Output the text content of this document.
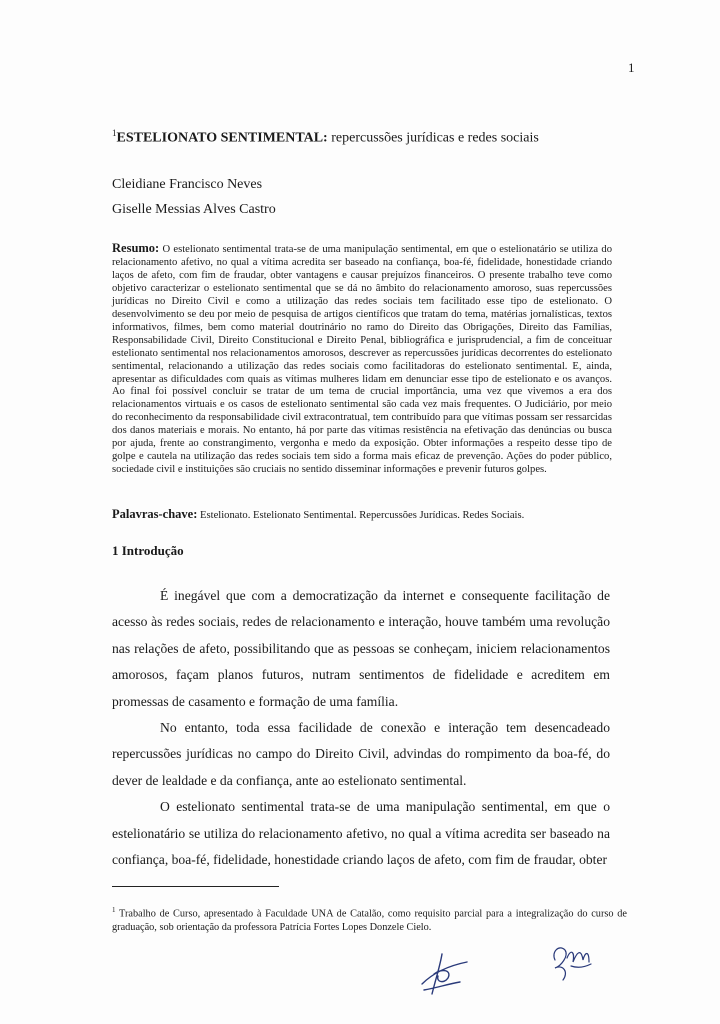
1
$^1$ESTELIONATO SENTIMENTAL: repercussões jurídicas e redes sociais
Cleidiane Francisco Neves
Giselle Messias Alves Castro
Resumo: O estelionato sentimental trata-se de uma manipulação sentimental, em que o estelionatário se utiliza do relacionamento afetivo, no qual a vítima acredita ser baseado na confiança, boa-fé, fidelidade, honestidade criando laços de afeto, com fim de fraudar, obter vantagens e causar prejuízos financeiros. O presente trabalho teve como objetivo caracterizar o estelionato sentimental que se dá no âmbito do relacionamento amoroso, suas repercussões jurídicas no Direito Civil e como a utilização das redes sociais tem facilitado esse tipo de estelionato. O desenvolvimento se deu por meio de pesquisa de artigos científicos que tratam do tema, matérias jornalísticas, textos informativos, filmes, bem como material doutrinário no ramo do Direito das Obrigações, Direito das Famílias, Responsabilidade Civil, Direito Constitucional e Direito Penal, bibliográfica e jurisprudencial, a fim de conceituar estelionato sentimental nos relacionamentos amorosos, descrever as repercussões jurídicas decorrentes do estelionato sentimental, relacionando a utilização das redes sociais como facilitadoras do estelionato sentimental. E, ainda, apresentar as dificuldades com quais as vítimas mulheres lidam em denunciar esse tipo de estelionato e os avanços. Ao final foi possível concluir se tratar de um tema de crucial importância, uma vez que vivemos a era dos relacionamentos virtuais e os casos de estelionato sentimental são cada vez mais frequentes. O Judiciário, por meio do reconhecimento da responsabilidade civil extracontratual, tem contribuído para que vítimas possam ser ressarcidas dos danos materiais e morais. No entanto, há por parte das vítimas resistência na efetivação das denúncias ou busca por ajuda, frente ao constrangimento, vergonha e medo da exposição. Obter informações a respeito desse tipo de golpe e cautela na utilização das redes sociais tem sido a forma mais eficaz de prevenção. Ações do poder público, sociedade civil e instituições são cruciais no sentido disseminar informações e prevenir futuros golpes.
Palavras-chave: Estelionato. Estelionato Sentimental. Repercussões Jurídicas. Redes Sociais.
1 Introdução

É inegável que com a democratização da internet e consequente facilitação de acesso às redes sociais, redes de relacionamento e interação, houve também uma revolução nas relações de afeto, possibilitando que as pessoas se conheçam, iniciem relacionamentos amorosos, façam planos futuros, nutram sentimentos de fidelidade e acreditem em promessas de casamento e formação de uma família.

No entanto, toda essa facilidade de conexão e interação tem desencadeado repercussões jurídicas no campo do Direito Civil, advindas do rompimento da boa-fé, do dever de lealdade e da confiança, ante ao estelionato sentimental.

O estelionato sentimental trata-se de uma manipulação sentimental, em que o estelionatário se utiliza do relacionamento afetivo, no qual a vítima acredita ser baseado na confiança, boa-fé, fidelidade, honestidade criando laços de afeto, com fim de fraudar, obter

$^1$ Trabalho de Curso, apresentado à Faculdade UNA de Catalão, como requisito parcial para a integralização do curso de graduação, sob orientação da professora Patrícia Fortes Lopes Donzele Cielo.
